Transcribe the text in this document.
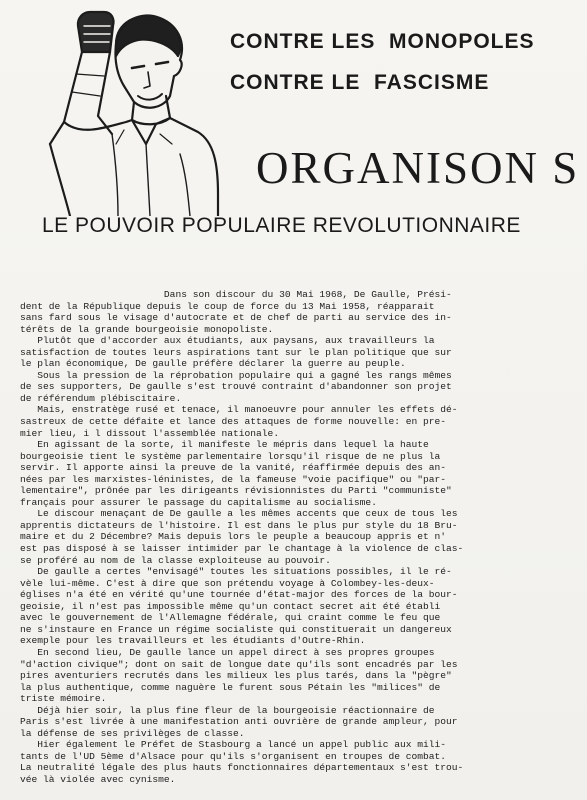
CONTRE LES  MONOPOLES
CONTRE LE  FASCISME
ORGANISON S
LE POUVOIR POPULAIRE REVOLUTIONNAIRE
Dans son discour du 30 Mai 1968, De Gaulle, Prési-
dent de la République depuis le coup de force du 13 Mai 1958, réapparait
sans fard sous le visage d'autocrate et de chef de parti au service des in-
térêts de la grande bourgeoisie monopoliste.
Plutôt que d'accorder aux étudiants, aux paysans, aux travailleurs la
satisfaction de toutes leurs aspirations tant sur le plan politique que sur
le plan économique, De gaulle préfère déclarer la guerre au peuple.
Sous la pression de la réprobation populaire qui a gagné les rangs mêmes
de ses supporters, De gaulle s'est trouvé contraint d'abandonner son projet
de référendum plébiscitaire.
Mais, enstratège rusé et tenace, il manoeuvre pour annuler les effets dé-
sastreux de cette défaite et lance des attaques de forme nouvelle: en pre-
mier lieu, i l dissout l'assemblée nationale.
En agissant de la sorte, il manifeste le mépris dans lequel la haute
bourgeoisie tient le système parlementaire lorsqu'il risque de ne plus la
servir. Il apporte ainsi la preuve de la vanité, réaffirmée depuis des an-
nées par les marxistes-léninistes, de la fameuse "voie pacifique" ou "par-
lementaire", prônée par les dirigeants révisionnistes du Parti "communiste"
français pour assurer le passage du capitalisme au socialisme.
Le discour menaçant de De gaulle a les mêmes accents que ceux de tous les
apprentis dictateurs de l'histoire. Il est dans le plus pur style du 18 Bru-
maire et du 2 Décembre? Mais depuis lors le peuple a beaucoup appris et n'
est pas disposé à se laisser intimider par le chantage à la violence de clas-
se proféré au nom de la classe exploiteuse au pouvoir.
De gaulle a certes "envisagé" toutes les situations possibles, il le ré-
vèle lui-même. C'est à dire que son prétendu voyage à Colombey-les-deux-
églises n'a été en vérité qu'une tournée d'état-major des forces de la bour-
geoisie, il n'est pas impossible même qu'un contact secret ait été établi
avec le gouvernement de l'Allemagne fédérale, qui craint comme le feu que
ne s'instaure en France un régime socialiste qui constituerait un dangereux
exemple pour les travailleurs et les étudiants d'Outre-Rhin.
En second lieu, De gaulle lance un appel direct à ses propres groupes
"d'action civique"; dont on sait de longue date qu'ils sont encadrés par les
pires aventuriers recrutés dans les milieux les plus tarés, dans la "pègre"
la plus authentique, comme naguère le furent sous Pétain les "milices" de
triste mémoire.
Déjà hier soir, la plus fine fleur de la bourgeoisie réactionnaire de
Paris s'est livrée à une manifestation anti ouvrière de grande ampleur, pour
la défense de ses privilèges de classe.
Hier également le Préfet de Stasbourg a lancé un appel public aux mili-
tants de l'UD 5ème d'Alsace pour qu'ils s'organisent en troupes de combat.
La neutralité légale des plus hauts fonctionnaires départementaux s'est trou-
vée là violée avec cynisme.
